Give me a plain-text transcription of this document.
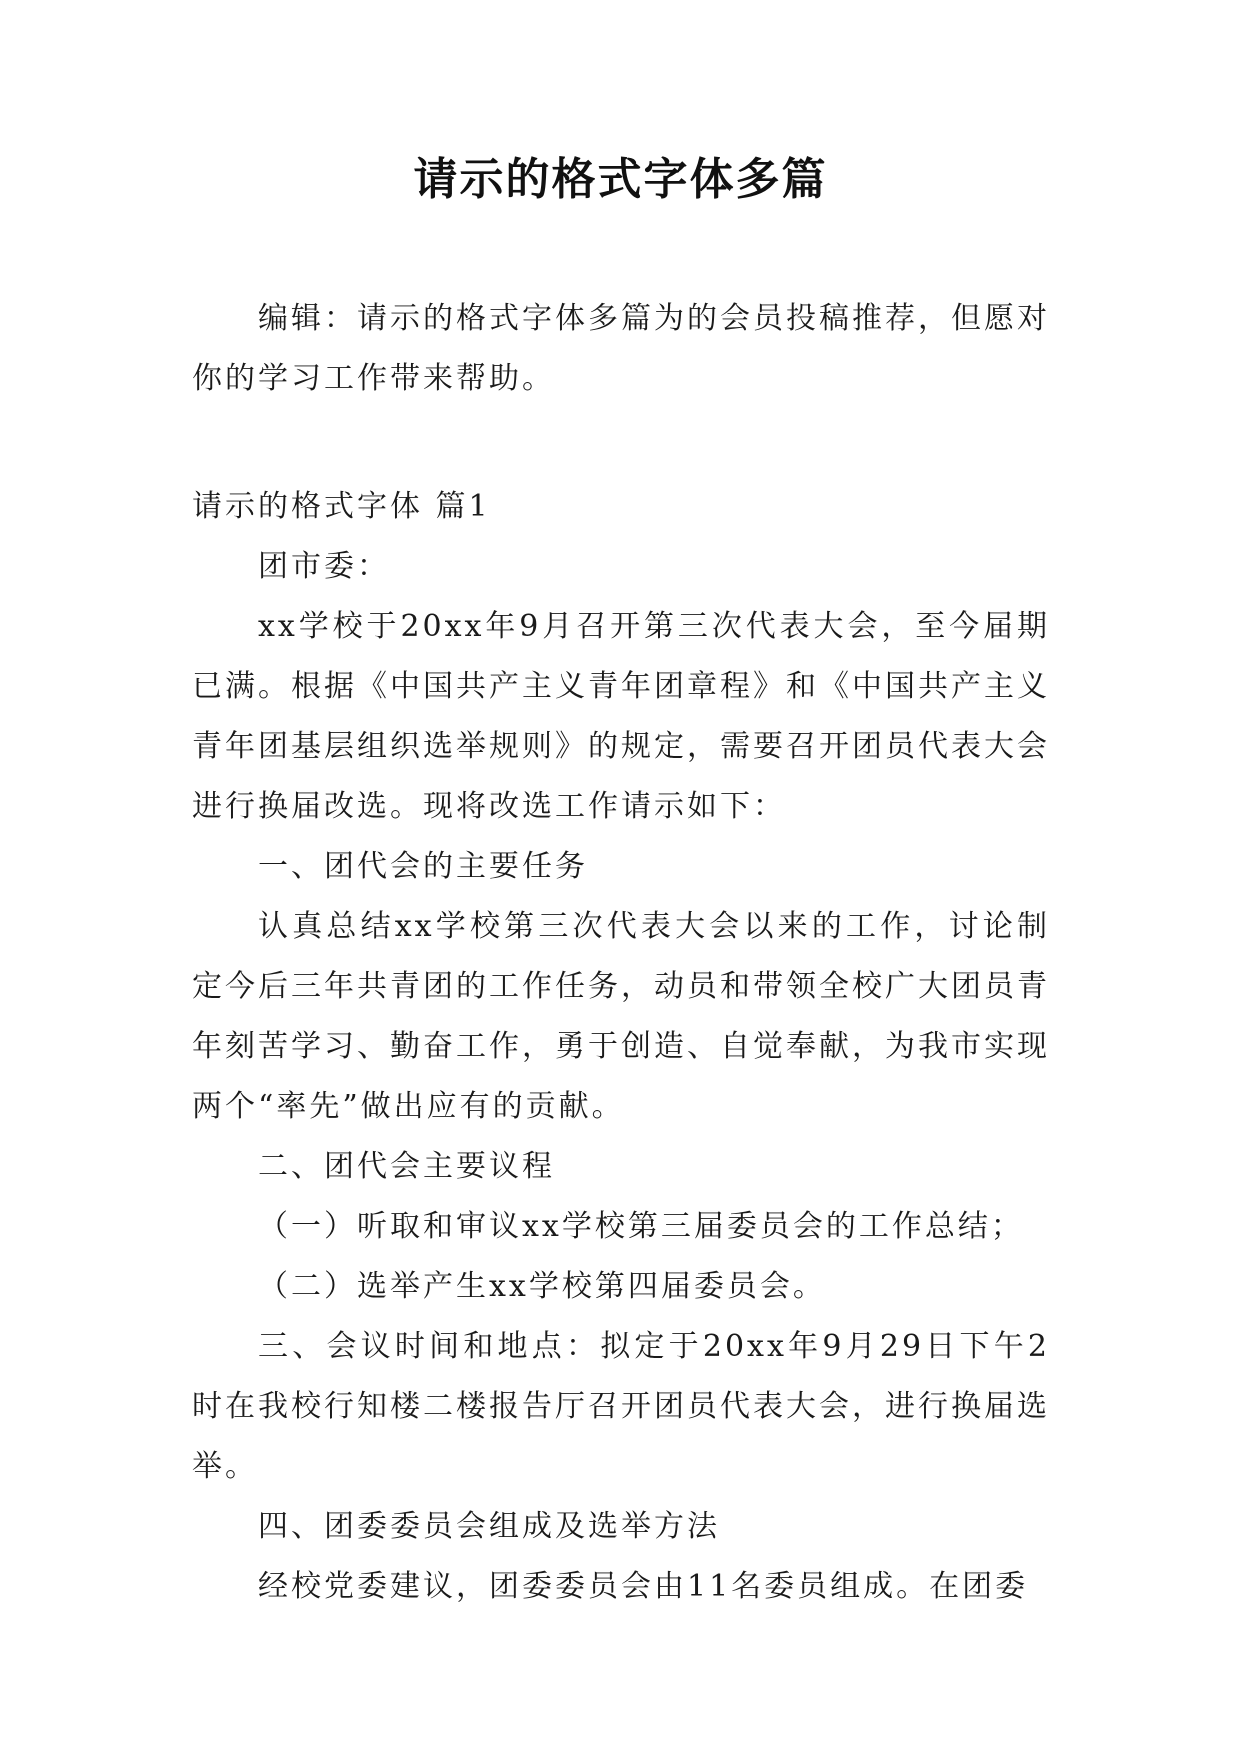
请示的格式字体多篇

编辑：请示的格式字体多篇为的会员投稿推荐，但愿对你的学习工作带来帮助。

请示的格式字体 篇1

团市委：

xx学校于20xx年9月召开第三次代表大会，至今届期已满。根据《中国共产主义青年团章程》和《中国共产主义青年团基层组织选举规则》的规定，需要召开团员代表大会进行换届改选。现将改选工作请示如下：

一、团代会的主要任务

认真总结xx学校第三次代表大会以来的工作，讨论制定今后三年共青团的工作任务，动员和带领全校广大团员青年刻苦学习、勤奋工作，勇于创造、自觉奉献，为我市实现两个“率先”做出应有的贡献。

二、团代会主要议程

（一）听取和审议xx学校第三届委员会的工作总结；

（二）选举产生xx学校第四届委员会。

三、会议时间和地点：拟定于20xx年9月29日下午2时在我校行知楼二楼报告厅召开团员代表大会，进行换届选举。

四、团委委员会组成及选举方法

经校党委建议，团委委员会由11名委员组成。在团委
